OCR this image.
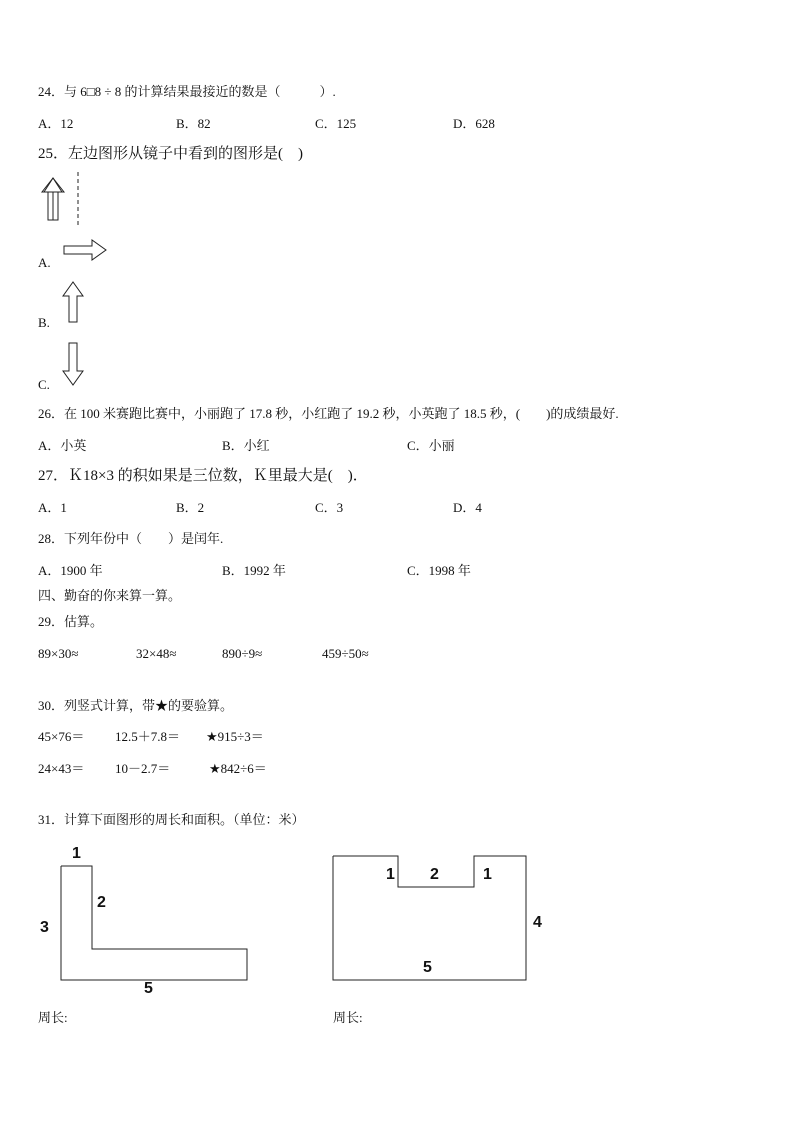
24．与 6□8 ÷ 8 的计算结果最接近的数是（　　　）.
A．12	B．82	C．125	D．628
25．左边图形从镜子中看到的图形是(　)
A.
B.
C.
26．在 100 米赛跑比赛中，小丽跑了 17.8 秒，小红跑了 19.2 秒，小英跑了 18.5 秒，(　　)的成绩最好.
A．小英	B．小红	C．小丽
27．Ｋ18×3 的积如果是三位数，Ｋ里最大是(　)．
A．1	B．2	C．3	D．4
28．下列年份中（　　）是闰年.
A．1900 年	B．1992 年	C．1998 年
四、勤奋的你来算一算。
29．估算。
89×30≈	32×48≈	890÷9≈	459÷50≈
30．列竖式计算，带★的要验算。
45×76＝ 12.5＋7.8＝ ★915÷3＝
24×43＝ 10－2.7＝	★842÷6＝
31．计算下面图形的周长和面积。（单位：米）
1
2
3
5
1 2	1
4
5
周长:	周长:
